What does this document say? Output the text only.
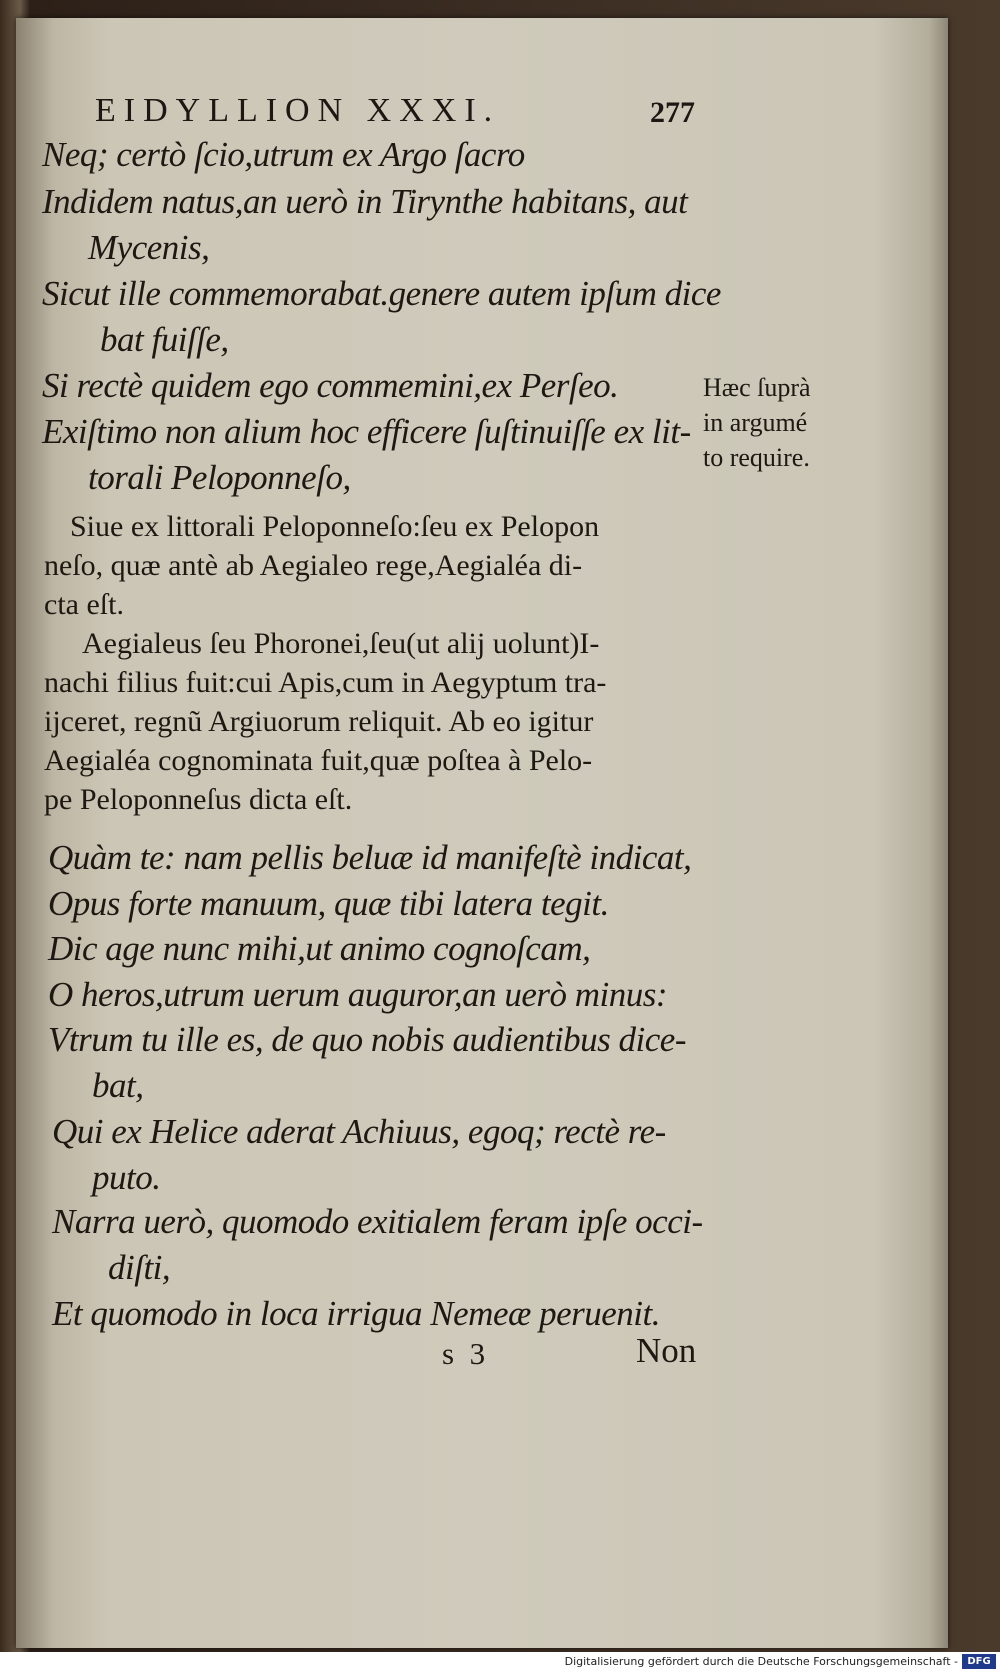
EIDYLLION XXXI.	277
Neq; certò ſcio,utrum ex Argo ſacro
Indidem natus,an uerò in Tirynthe habitans, aut
Mycenis,
Sicut ille commemorabat.genere autem ipſum dice
bat fuiſſe,
Si rectè quidem ego commemini,ex Perſeo.
Exiſtimo non alium hoc efficere ſuſtinuiſſe ex lit-
torali Peloponneſo,
Hæc ſuprà
in argumé
to require.
Siue ex littorali Peloponneſo:ſeu ex Pelopon
neſo, quæ antè ab Aegialeo rege,Aegialéa di-
cta eſt.
Aegialeus ſeu Phoronei,ſeu(ut alij uolunt)I-
nachi filius fuit:cui Apis,cum in Aegyptum tra-
ijceret, regnũ Argiuorum reliquit. Ab eo igitur
Aegialéa cognominata fuit,quæ poſtea à Pelo-
pe Peloponneſus dicta eſt.
Quàm te: nam pellis beluæ id manifeſtè indicat,
Opus forte manuum, quæ tibi latera tegit.
Dic age nunc mihi,ut animo cognoſcam,
O heros,utrum uerum auguror,an uerò minus:
Vtrum tu ille es, de quo nobis audientibus dice-
bat,
Qui ex Helice aderat Achiuus, egoq; rectè re-
puto.
Narra uerò, quomodo exitialem feram ipſe occi-
diſti,
Et quomodo in loca irrigua Nemeæ peruenit.
s  3	Non
Digitalisierung gefördert durch die Deutsche Forschungsgemeinschaft - DFG
